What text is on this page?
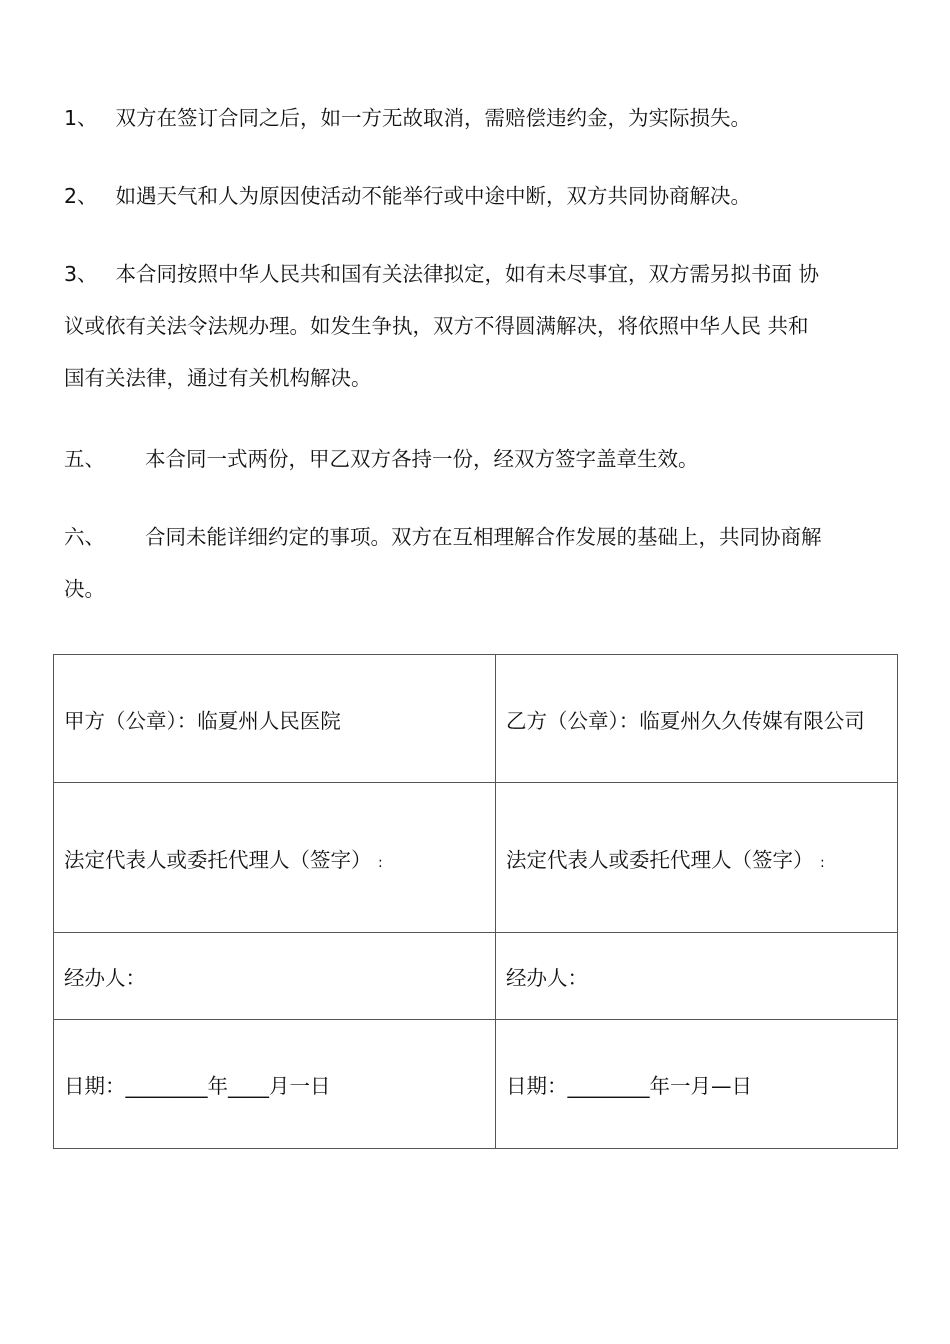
1、 双方在签订合同之后，如一方无故取消，需赔偿违约金，为实际损失。

2、 如遇天气和人为原因使活动不能举行或中途中断，双方共同协商解决。

3、 本合同按照中华人民共和国有关法律拟定，如有未尽事宜，双方需另拟书面 协

议或依有关法令法规办理。如发生争执，双方不得圆满解决，将依照中华人民 共和

国有关法律，通过有关机构解决。

五、 本合同一式两份，甲乙双方各持一份，经双方签字盖章生效。

六、 合同未能详细约定的事项。双方在互相理解合作发展的基础上，共同协商解

决。

甲方（公章）：临夏州人民医院	乙方（公章）：临夏州久久传媒有限公司
法定代表人或委托代理人（签字） :	法定代表人或委托代理人（签字） :
经办人：	经办人：
日期：________年____月一日	日期：________年一月—日
